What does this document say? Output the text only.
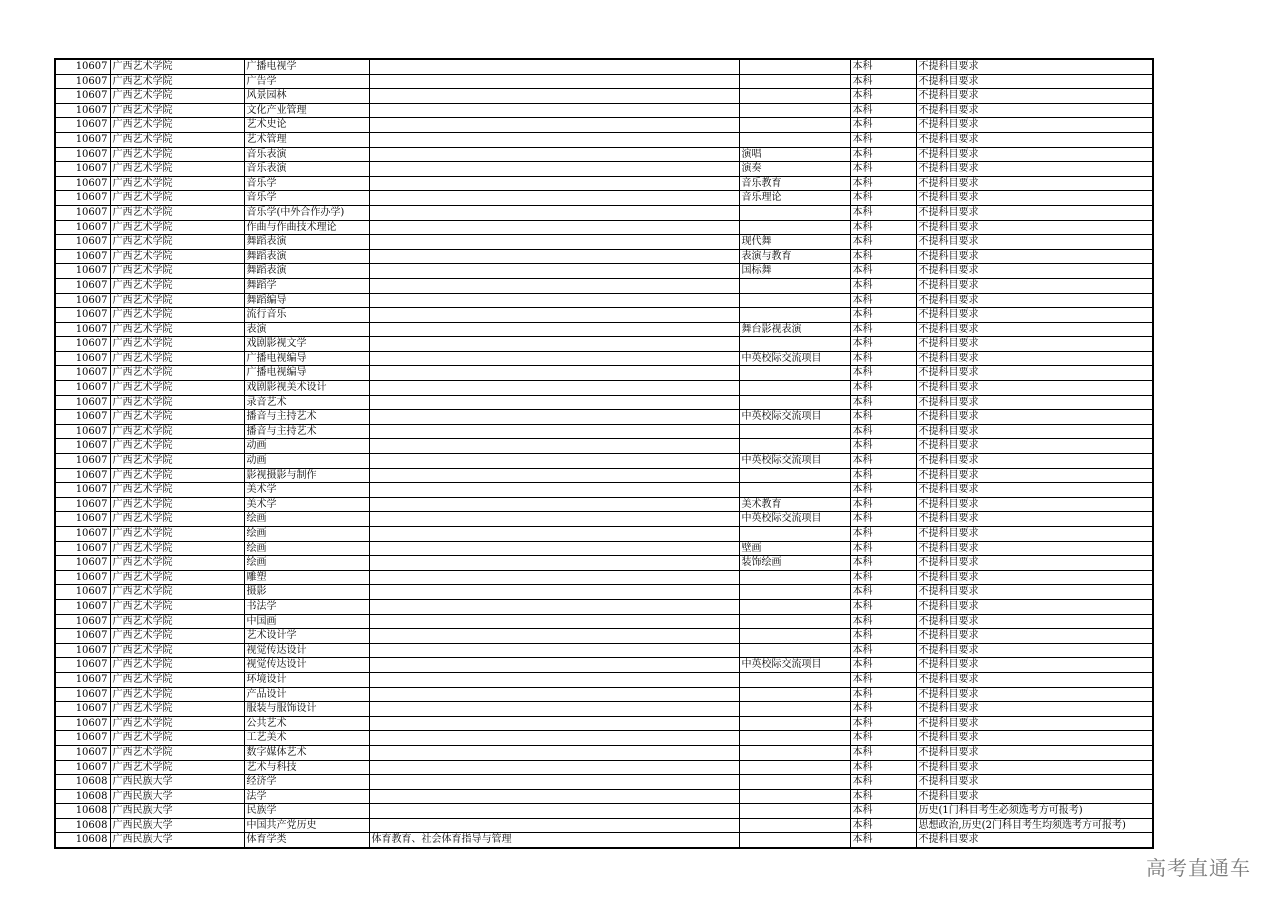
10607	广西艺术学院	广播电视学			本科	不提科目要求
10607	广西艺术学院	广告学			本科	不提科目要求
10607	广西艺术学院	风景园林			本科	不提科目要求
10607	广西艺术学院	文化产业管理			本科	不提科目要求
10607	广西艺术学院	艺术史论			本科	不提科目要求
10607	广西艺术学院	艺术管理			本科	不提科目要求
10607	广西艺术学院	音乐表演		演唱	本科	不提科目要求
10607	广西艺术学院	音乐表演		演奏	本科	不提科目要求
10607	广西艺术学院	音乐学		音乐教育	本科	不提科目要求
10607	广西艺术学院	音乐学		音乐理论	本科	不提科目要求
10607	广西艺术学院	音乐学(中外合作办学)			本科	不提科目要求
10607	广西艺术学院	作曲与作曲技术理论			本科	不提科目要求
10607	广西艺术学院	舞蹈表演		现代舞	本科	不提科目要求
10607	广西艺术学院	舞蹈表演		表演与教育	本科	不提科目要求
10607	广西艺术学院	舞蹈表演		国标舞	本科	不提科目要求
10607	广西艺术学院	舞蹈学			本科	不提科目要求
10607	广西艺术学院	舞蹈编导			本科	不提科目要求
10607	广西艺术学院	流行音乐			本科	不提科目要求
10607	广西艺术学院	表演		舞台影视表演	本科	不提科目要求
10607	广西艺术学院	戏剧影视文学			本科	不提科目要求
10607	广西艺术学院	广播电视编导		中英校际交流项目	本科	不提科目要求
10607	广西艺术学院	广播电视编导			本科	不提科目要求
10607	广西艺术学院	戏剧影视美术设计			本科	不提科目要求
10607	广西艺术学院	录音艺术			本科	不提科目要求
10607	广西艺术学院	播音与主持艺术		中英校际交流项目	本科	不提科目要求
10607	广西艺术学院	播音与主持艺术			本科	不提科目要求
10607	广西艺术学院	动画			本科	不提科目要求
10607	广西艺术学院	动画		中英校际交流项目	本科	不提科目要求
10607	广西艺术学院	影视摄影与制作			本科	不提科目要求
10607	广西艺术学院	美术学			本科	不提科目要求
10607	广西艺术学院	美术学		美术教育	本科	不提科目要求
10607	广西艺术学院	绘画		中英校际交流项目	本科	不提科目要求
10607	广西艺术学院	绘画			本科	不提科目要求
10607	广西艺术学院	绘画		壁画	本科	不提科目要求
10607	广西艺术学院	绘画		装饰绘画	本科	不提科目要求
10607	广西艺术学院	雕塑			本科	不提科目要求
10607	广西艺术学院	摄影			本科	不提科目要求
10607	广西艺术学院	书法学			本科	不提科目要求
10607	广西艺术学院	中国画			本科	不提科目要求
10607	广西艺术学院	艺术设计学			本科	不提科目要求
10607	广西艺术学院	视觉传达设计			本科	不提科目要求
10607	广西艺术学院	视觉传达设计		中英校际交流项目	本科	不提科目要求
10607	广西艺术学院	环境设计			本科	不提科目要求
10607	广西艺术学院	产品设计			本科	不提科目要求
10607	广西艺术学院	服装与服饰设计			本科	不提科目要求
10607	广西艺术学院	公共艺术			本科	不提科目要求
10607	广西艺术学院	工艺美术			本科	不提科目要求
10607	广西艺术学院	数字媒体艺术			本科	不提科目要求
10607	广西艺术学院	艺术与科技			本科	不提科目要求
10608	广西民族大学	经济学			本科	不提科目要求
10608	广西民族大学	法学			本科	不提科目要求
10608	广西民族大学	民族学			本科	历史(1门科目考生必须选考方可报考)
10608	广西民族大学	中国共产党历史			本科	思想政治,历史(2门科目考生均须选考方可报考)
10608	广西民族大学	体育学类	体育教育、社会体育指导与管理		本科	不提科目要求
高考直通车
